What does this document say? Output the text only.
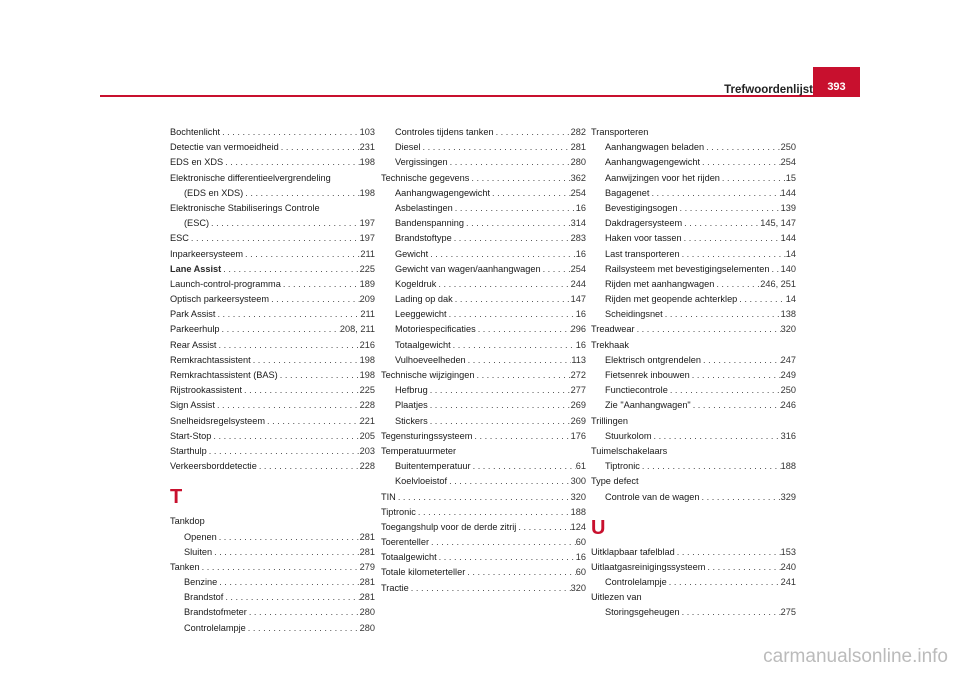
Trefwoordenlijst	393
Bochtenlicht . . .	103
Detectie van vermoeidheid . . .	231
EDS en XDS . . .	198
Elektronische differentieelvergrendeling
(EDS en XDS) . . .	198
Elektronische Stabiliserings Controle
(ESC) . . .	197
ESC . . .	197
Inparkeersysteem . . .	211
Lane Assist . . .	225
Launch-control-programma . . .	189
Optisch parkeersysteem . . .	209
Park Assist . . .	211
Parkeerhulp . . .	208, 211
Rear Assist . . .	216
Remkrachtassistent . . .	198
Remkrachtassistent (BAS) . . .	198
Rijstrookassistent . . .	225
Sign Assist . . .	228
Snelheidsregelsysteem . . .	221
Start-Stop . . .	205
Starthulp . . .	203
Verkeersborddetectie . . .	228
T
Tankdop
Openen . . .	281
Sluiten . . .	281
Tanken . . .	279
Benzine . . .	281
Brandstof . . .	281
Brandstofmeter . . .	280
Controlelampje . . .	280
Controles tijdens tanken . . .	282
Diesel . . .	281
Vergissingen . . .	280
Technische gegevens . . .	362
Aanhangwagengewicht . . .	254
Asbelastingen . . .	16
Bandenspanning . . .	314
Brandstoftype . . .	283
Gewicht . . .	16
Gewicht van wagen/aanhangwagen . . .	254
Kogeldruk . . .	244
Lading op dak . . .	147
Leeggewicht . . .	16
Motoriespecificaties . . .	296
Totaalgewicht . . .	16
Vulhoeveelheden . . .	113
Technische wijzigingen . . .	272
Hefbrug . . .	277
Plaatjes . . .	269
Stickers . . .	269
Tegensturingssysteem . . .	176
Temperatuurmeter
Buitentemperatuur . . .	61
Koelvloeistof . . .	300
TIN . . .	320
Tiptronic . . .	188
Toegangshulp voor de derde zitrij . . .	124
Toerenteller . . .	60
Totaalgewicht . . .	16
Totale kilometerteller . . .	60
Tractie . . .	320
Transporteren
Aanhangwagen beladen . . .	250
Aanhangwagengewicht . . .	254
Aanwijzingen voor het rijden . . .	15
Bagagenet . . .	144
Bevestigingsogen . . .	139
Dakdragersysteem . . .	145, 147
Haken voor tassen . . .	144
Last transporteren . . .	14
Railsysteem met bevestigingselementen . . . 140
Rijden met aanhangwagen . . .	246, 251
Rijden met geopende achterklep . . .	14
Scheidingsnet . . .	138
Treadwear . . .	320
Trekhaak
Elektrisch ontgrendelen . . .	247
Fietsenrek inbouwen . . .	249
Functiecontrole . . .	250
Zie "Aanhangwagen" . . .	246
Trillingen
Stuurkolom . . .	316
Tuimelschakelaars
Tiptronic . . .	188
Type defect
Controle van de wagen . . .	329
U
Uitklapbaar tafelblad . . .	153
Uitlaatgasreinigingssysteem . . .	240
Controlelampje . . .	241
Uitlezen van
Storingsgeheugen . . .	275
carmanualsonline.info
